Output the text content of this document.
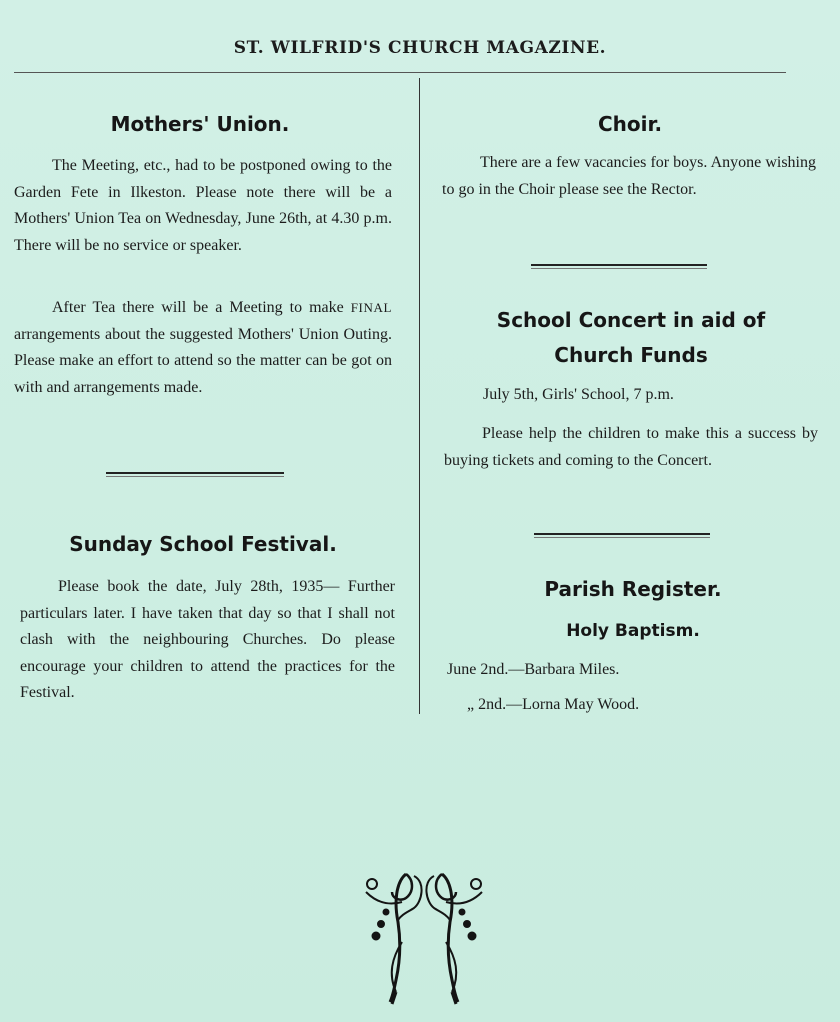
ST. WILFRID'S CHURCH MAGAZINE.
Mothers' Union.

The Meeting, etc., had to be postponed owing to the Garden Fete in Ilkeston. Please note there will be a Mothers' Union Tea on Wednesday, June 26th, at 4.30 p.m. There will be no service or speaker.

After Tea there will be a Meeting to make FINAL arrangements about the suggested Mothers' Union Outing. Please make an effort to attend so the matter can be got on with and arrangements made.

Sunday School Festival.

Please book the date, July 28th, 1935— Further particulars later. I have taken that day so that I shall not clash with the neighbouring Churches. Do please encourage your children to attend the practices for the Festival.

Choir.

There are a few vacancies for boys. Anyone wishing to go in the Choir please see the Rector.

School Concert in aid of
Church Funds
July 5th, Girls' School, 7 p.m.

Please help the children to make this a success by buying tickets and coming to the Concert.

Parish Register.
Holy Baptism.
June 2nd.—Barbara Miles.
„ 2nd.—Lorna May Wood.
